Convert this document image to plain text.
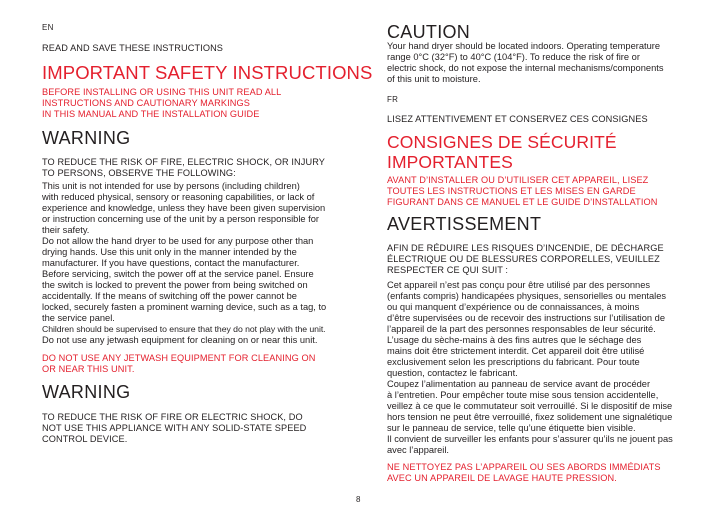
EN
READ AND SAVE THESE INSTRUCTIONS
IMPORTANT SAFETY INSTRUCTIONS
BEFORE INSTALLING OR USING THIS UNIT READ ALL
INSTRUCTIONS AND CAUTIONARY MARKINGS
IN THIS MANUAL AND THE INSTALLATION GUIDE
WARNING
TO REDUCE THE RISK OF FIRE, ELECTRIC SHOCK, OR INJURY
TO PERSONS, OBSERVE THE FOLLOWING:

This unit is not intended for use by persons (including children)

with reduced physical, sensory or reasoning capabilities, or lack of

experience and knowledge, unless they have been given supervision

or instruction concerning use of the unit by a person responsible for

their safety.

Do not allow the hand dryer to be used for any purpose other than

drying hands. Use this unit only in the manner intended by the

manufacturer. If you have questions, contact the manufacturer.

Before servicing, switch the power off at the service panel. Ensure

the switch is locked to prevent the power from being switched on

accidentally. If the means of switching off the power cannot be

locked, securely fasten a prominent warning device, such as a tag, to

the service panel.

Children should be supervised to ensure that they do not play with the unit.

Do not use any jetwash equipment for cleaning on or near this unit.

DO NOT USE ANY JETWASH EQUIPMENT FOR CLEANING ON
OR NEAR THIS UNIT.
WARNING
TO REDUCE THE RISK OF FIRE OR ELECTRIC SHOCK, DO
NOT USE THIS APPLIANCE WITH ANY SOLID-STATE SPEED
CONTROL DEVICE.
8
CAUTION

Your hand dryer should be located indoors. Operating temperature

range 0°C (32°F) to 40°C (104°F). To reduce the risk of fire or

electric shock, do not expose the internal mechanisms/components

of this unit to moisture.

FR
LISEZ ATTENTIVEMENT ET CONSERVEZ CES CONSIGNES
CONSIGNES DE SÉCURITÉ
IMPORTANTES
AVANT D’INSTALLER OU D’UTILISER CET APPAREIL, LISEZ
TOUTES LES INSTRUCTIONS ET LES MISES EN GARDE
FIGURANT DANS CE MANUEL ET LE GUIDE D’INSTALLATION
AVERTISSEMENT
AFIN DE RÉDUIRE LES RISQUES D’INCENDIE, DE DÉCHARGE
ÉLECTRIQUE OU DE BLESSURES CORPORELLES, VEUILLEZ
RESPECTER CE QUI SUIT :

Cet appareil n’est pas conçu pour être utilisé par des personnes

(enfants compris) handicapées physiques, sensorielles ou mentales

ou qui manquent d’expérience ou de connaissances, à moins

d’être supervisées ou de recevoir des instructions sur l’utilisation de

l’appareil de la part des personnes responsables de leur sécurité.

L’usage du sèche-mains à des fins autres que le séchage des

mains doit être strictement interdit. Cet appareil doit être utilisé

exclusivement selon les prescriptions du fabricant. Pour toute

question, contactez le fabricant.

Coupez l’alimentation au panneau de service avant de procéder

à l’entretien. Pour empêcher toute mise sous tension accidentelle,

veillez à ce que le commutateur soit verrouillé. Si le dispositif de mise

hors tension ne peut être verrouillé, fixez solidement une signalétique

sur le panneau de service, telle qu’une étiquette bien visible.

Il convient de surveiller les enfants pour s’assurer qu’ils ne jouent pas

avec l’appareil.

NE NETTOYEZ PAS L’APPAREIL OU SES ABORDS IMMÉDIATS
AVEC UN APPAREIL DE LAVAGE HAUTE PRESSION.
